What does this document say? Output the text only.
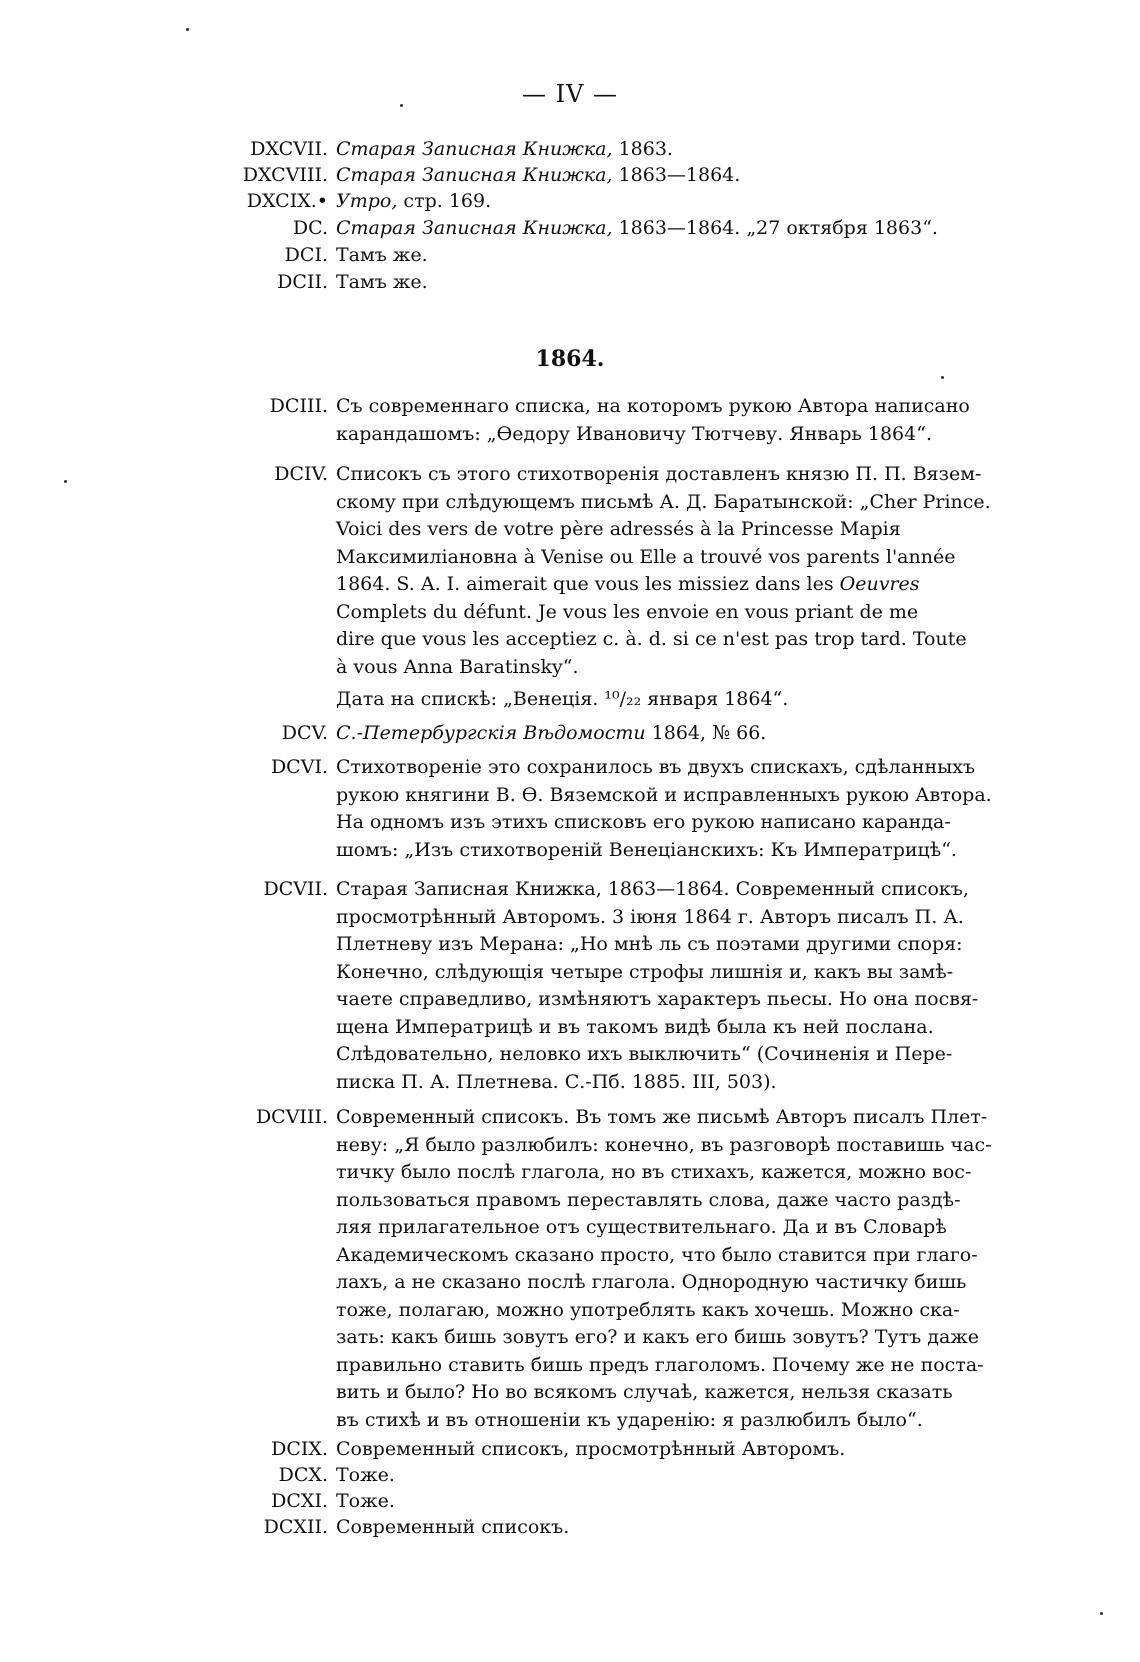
— IV —
DXCVII. Старая Записная Книжка, 1863.
DXCVIII. Старая Записная Книжка, 1863—1864.
DXCIX.• Утро, стр. 169.
DC. Старая Записная Книжка, 1863—1864. „27 октября 1863“.
DCI. Тамъ же.
DCII. Тамъ же.
1864.
DCIII. Съ современнаго списка, на которомъ рукою Автора написано
карандашомъ: „Өедору Ивановичу Тютчеву. Январь 1864“.
DCIV. Списокъ съ этого стихотворенія доставленъ князю П. П. Вязем-
скому при слѣдующемъ письмѣ А. Д. Баратынской: „Cher Prince.
Voici des vers de votre père adressés à la Princesse Марія
Максимиліановна à Venise ou Elle a trouvé vos parents l'année
1864. S. A. I. aimerait que vous les missiez dans les Oeuvres
Complets du défunt. Je vous les envoie en vous priant de me
dire que vous les acceptiez c. à. d. si ce n'est pas trop tard. Toute
à vous Anna Baratinsky“.
Дата на спискѣ: „Венеція. ¹⁰/₂₂ января 1864“.
DCV. С.-Петербургскія Вѣдомости 1864, № 66.
DCVI. Стихотвореніе это сохранилось въ двухъ спискахъ, сдѣланныхъ
рукою княгини В. Ѳ. Вяземской и исправленныхъ рукою Автора.
На одномъ изъ этихъ списковъ его рукою написано каранда-
шомъ: „Изъ стихотвореній Венеціанскихъ: Къ Императрицѣ“.
DCVII. Старая Записная Книжка, 1863—1864. Современный списокъ,
просмотрѣнный Авторомъ. 3 іюня 1864 г. Авторъ писалъ П. А.
Плетневу изъ Мерана: „Но мнѣ ль съ поэтами другими споря:
Конечно, слѣдующія четыре строфы лишнія и, какъ вы замѣ-
чаете справедливо, измѣняютъ характеръ пьесы. Но она посвя-
щена Императрицѣ и въ такомъ видѣ была къ ней послана.
Слѣдовательно, неловко ихъ выключить“ (Сочиненія и Пере-
писка П. А. Плетнева. С.-Пб. 1885. III, 503).
DCVIII. Современный списокъ. Въ томъ же письмѣ Авторъ писалъ Плет-
неву: „Я было разлюбилъ: конечно, въ разговорѣ поставишь час-
тичку было послѣ глагола, но въ стихахъ, кажется, можно вос-
пользоваться правомъ переставлять слова, даже часто раздѣ-
ляя прилагательное отъ существительнаго. Да и въ Словарѣ
Академическомъ сказано просто, что было ставится при глаго-
лахъ, а не сказано послѣ глагола. Однородную частичку бишь
тоже, полагаю, можно употреблять какъ хочешь. Можно ска-
зать: какъ бишь зовутъ его? и какъ его бишь зовутъ? Тутъ даже
правильно ставить бишь предъ глаголомъ. Почему же не поста-
вить и было? Но во всякомъ случаѣ, кажется, нельзя сказать
въ стихѣ и въ отношеніи къ ударенію: я разлюбилъ было“.
DCIX. Современный списокъ, просмотрѣнный Авторомъ.
DCX. Тоже.
DCXI. Тоже.
DCXII. Современный списокъ.
